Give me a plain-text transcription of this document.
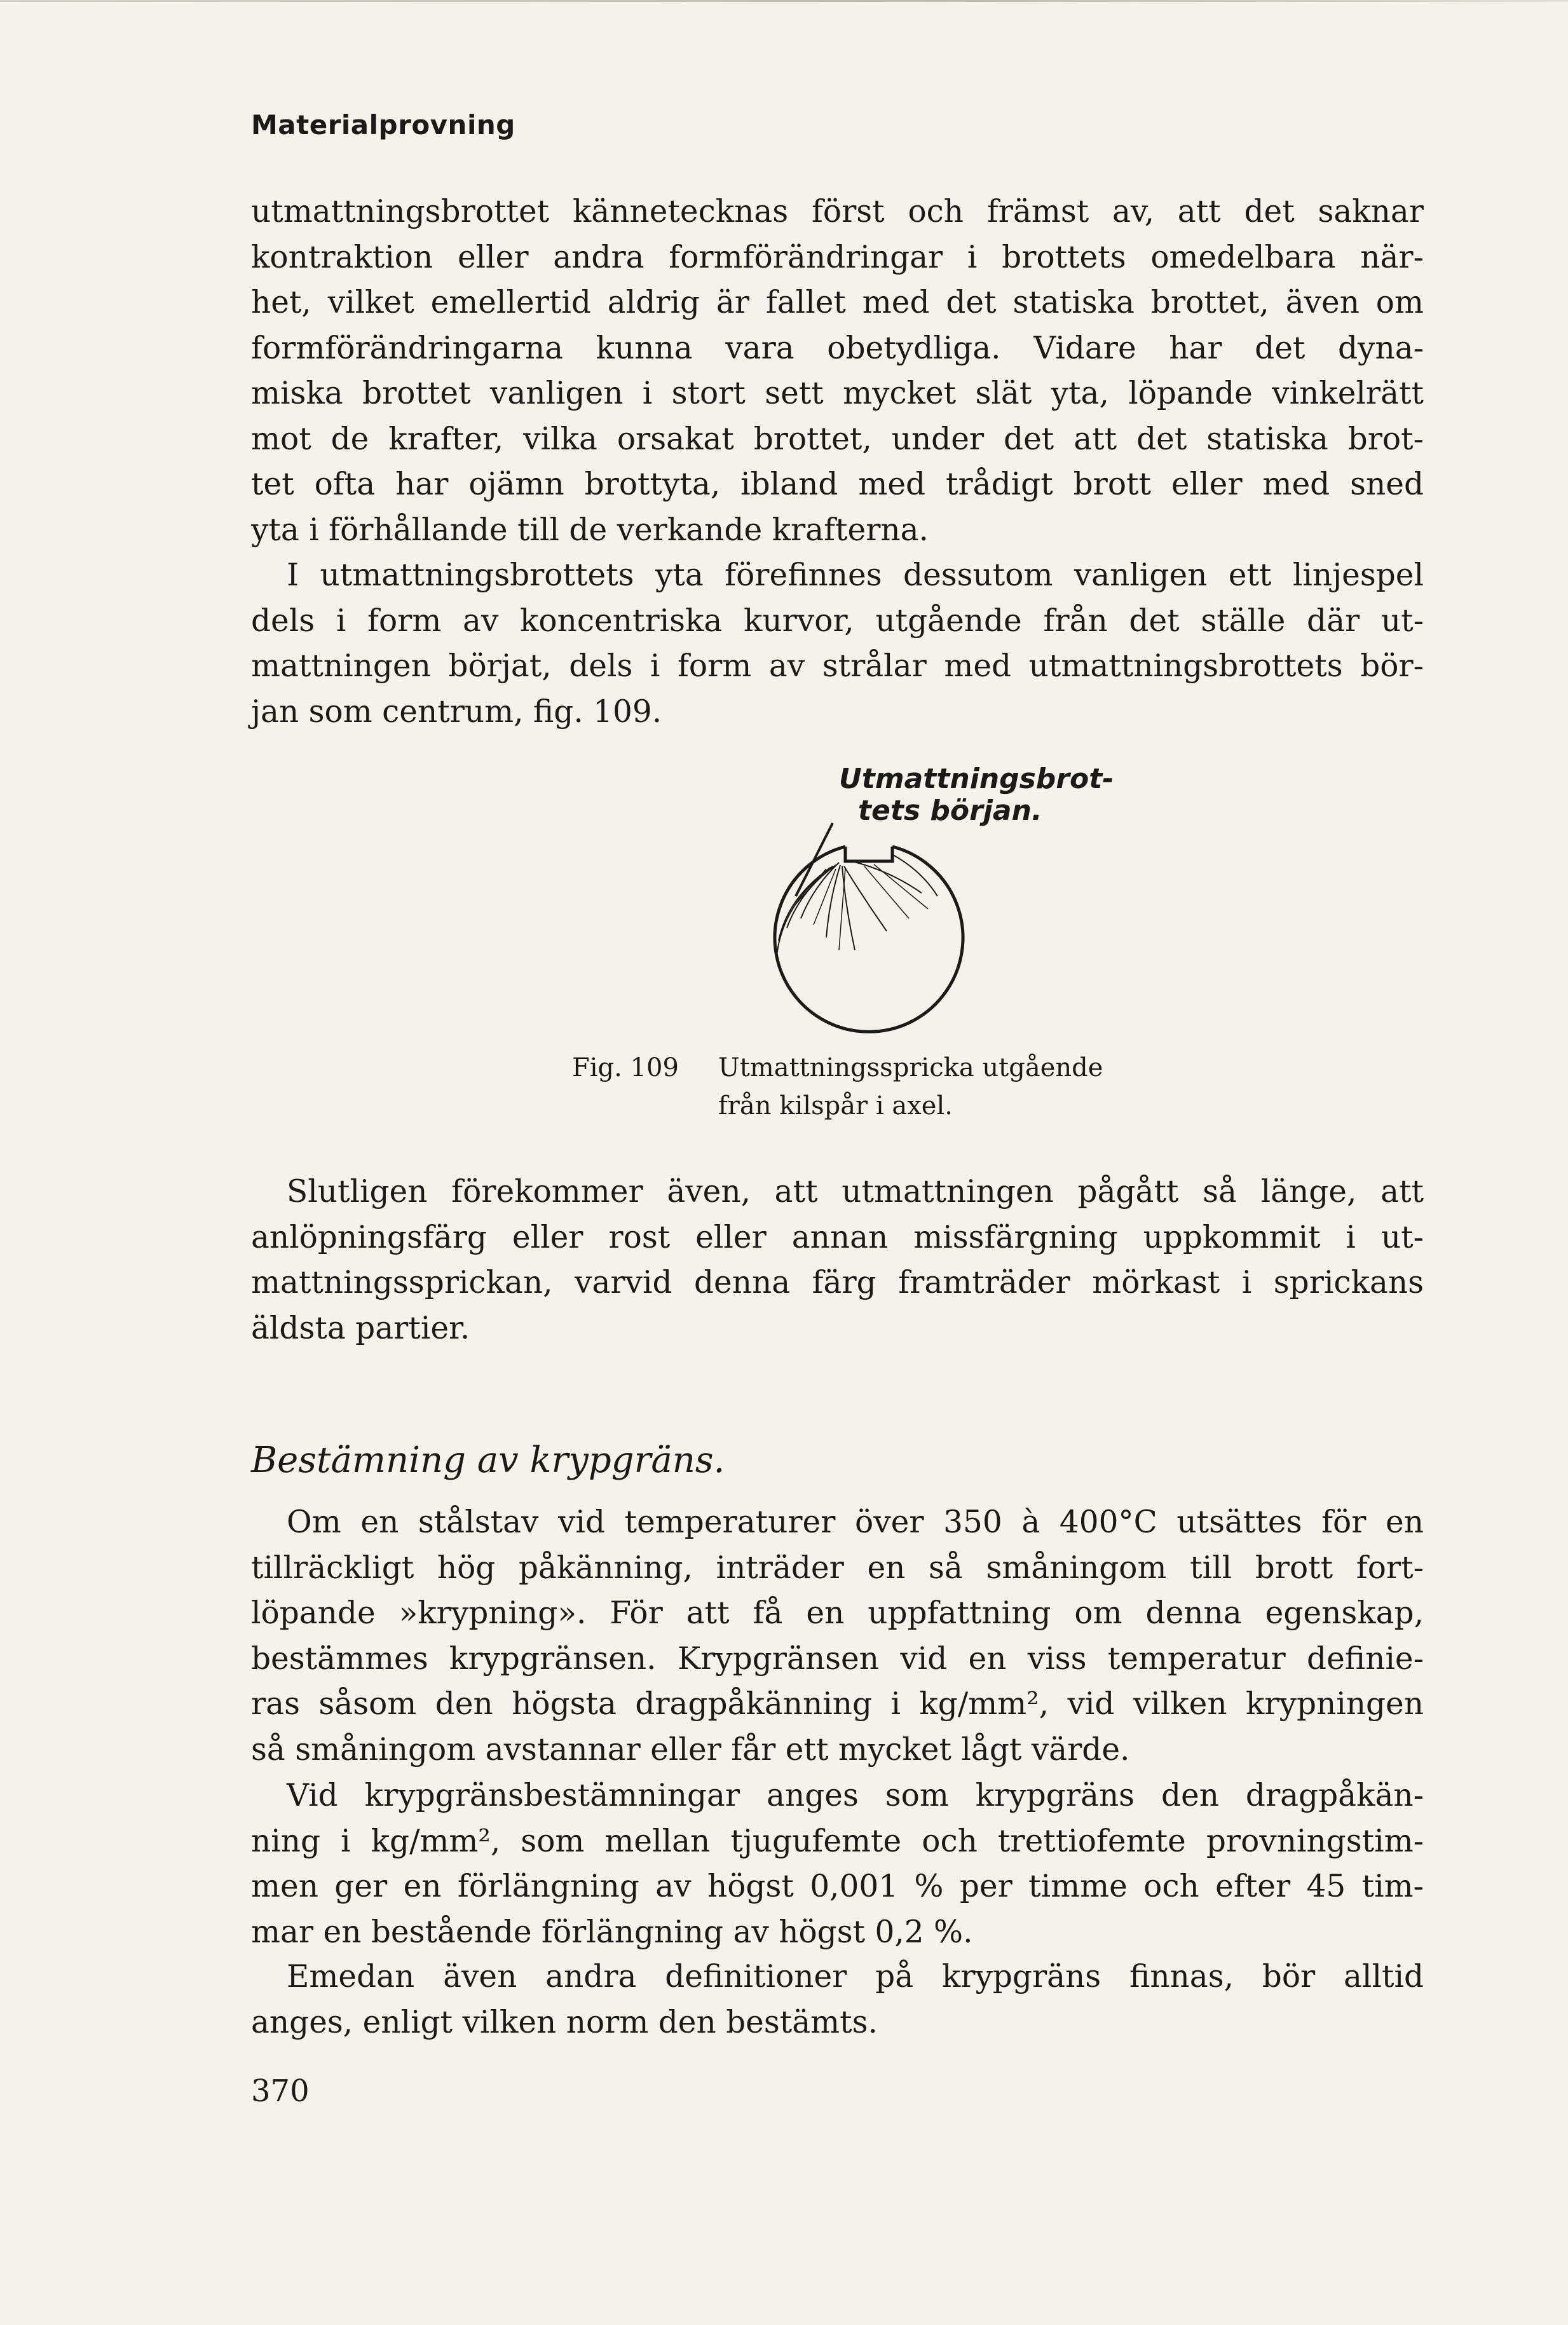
Materialprovning
utmattningsbrottet kännetecknas först och främst av, att det saknar
kontraktion eller andra formförändringar i brottets omedelbara när-
het, vilket emellertid aldrig är fallet med det statiska brottet, även om
formförändringarna kunna vara obetydliga. Vidare har det dyna-
miska brottet vanligen i stort sett mycket slät yta, löpande vinkelrätt
mot de krafter, vilka orsakat brottet, under det att det statiska brot-
tet ofta har ojämn brottyta, ibland med trådigt brott eller med sned
yta i förhållande till de verkande krafterna.
I utmattningsbrottets yta förefinnes dessutom vanligen ett linjespel
dels i form av koncentriska kurvor, utgående från det ställe där ut-
mattningen börjat, dels i form av strålar med utmattningsbrottets bör-
jan som centrum, fig. 109.
Utmattningsbrot-
tets början.
Fig. 109 Utmattningsspricka utgående
från kilspår i axel.
Slutligen förekommer även, att utmattningen pågått så länge, att
anlöpningsfärg eller rost eller annan missfärgning uppkommit i ut-
mattningssprickan, varvid denna färg framträder mörkast i sprickans
äldsta partier.
Bestämning av krypgräns.
Om en stålstav vid temperaturer över 350 à 400°C utsättes för en
tillräckligt hög påkänning, inträder en så småningom till brott fort-
löpande »krypning». För att få en uppfattning om denna egenskap,
bestämmes krypgränsen. Krypgränsen vid en viss temperatur definie-
ras såsom den högsta dragpåkänning i kg/mm², vid vilken krypningen
så småningom avstannar eller får ett mycket lågt värde.
Vid krypgränsbestämningar anges som krypgräns den dragpåkän-
ning i kg/mm², som mellan tjugufemte och trettiofemte provningstim-
men ger en förlängning av högst 0,001 % per timme och efter 45 tim-
mar en bestående förlängning av högst 0,2 %.
Emedan även andra definitioner på krypgräns finnas, bör alltid
anges, enligt vilken norm den bestämts.
370
